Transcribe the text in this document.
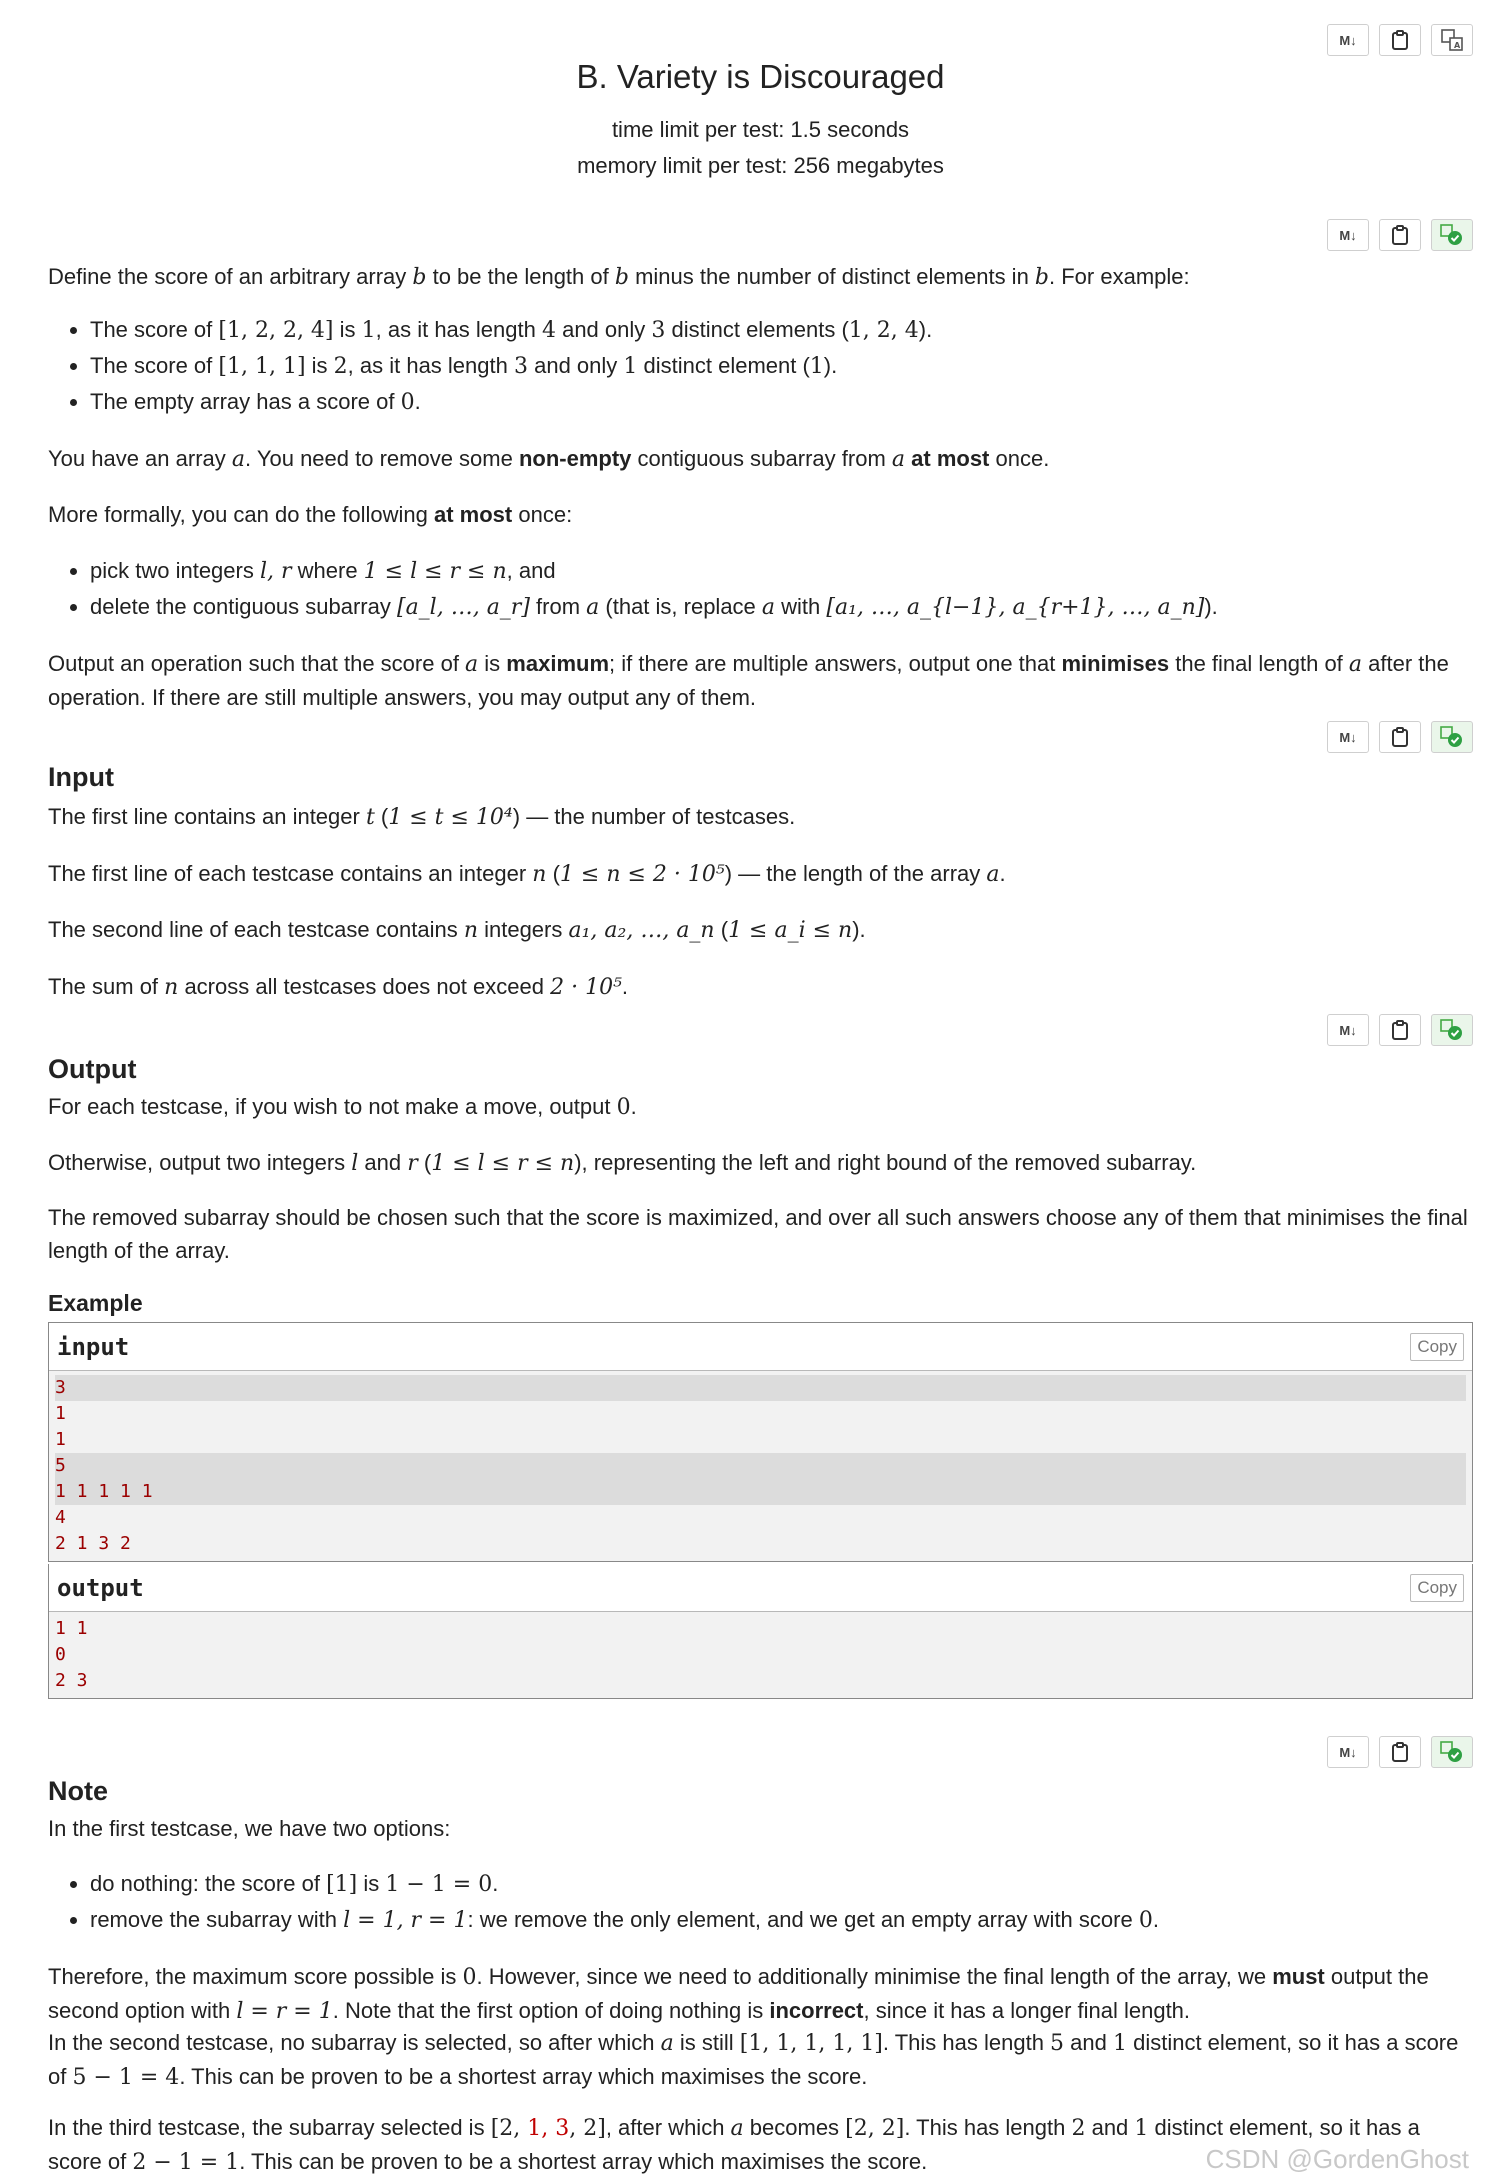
M↓	A
B. Variety is Discouraged
time limit per test: 1.5 seconds
memory limit per test: 256 megabytes
M↓
Define the score of an arbitrary array b to be the length of b minus the number of distinct elements in b. For example:
• The score of [1, 2, 2, 4] is 1, as it has length 4 and only 3 distinct elements (1, 2, 4).
• The score of [1, 1, 1] is 2, as it has length 3 and only 1 distinct element (1).
• The empty array has a score of 0.
You have an array a. You need to remove some non-empty contiguous subarray from a at most once.
More formally, you can do the following at most once:
• pick two integers l, r where 1 ≤ l ≤ r ≤ n, and
• delete the contiguous subarray [a_l, …, a_r] from a (that is, replace a with [a₁, …, a_{l−1}, a_{r+1}, …, a_n]).
Output an operation such that the score of a is maximum; if there are multiple answers, output one that minimises the final length of a after the operation. If there are still multiple answers, you may output any of them.
M↓
Input
The first line contains an integer t (1 ≤ t ≤ 10⁴) — the number of testcases.
The first line of each testcase contains an integer n (1 ≤ n ≤ 2 · 10⁵) — the length of the array a.
The second line of each testcase contains n integers a₁, a₂, …, a_n (1 ≤ a_i ≤ n).
The sum of n across all testcases does not exceed 2 · 10⁵.
M↓
Output
For each testcase, if you wish to not make a move, output 0.
Otherwise, output two integers l and r (1 ≤ l ≤ r ≤ n), representing the left and right bound of the removed subarray.
The removed subarray should be chosen such that the score is maximized, and over all such answers choose any of them that minimises the final length of the array.
Example
input	Copy
3
1
1
5
1 1 1 1 1
4
2 1 3 2
output	Copy
1 1
0
2 3
M↓
Note
In the first testcase, we have two options:
• do nothing: the score of [1] is 1 − 1 = 0.
• remove the subarray with l = 1, r = 1: we remove the only element, and we get an empty array with score 0.
Therefore, the maximum score possible is 0. However, since we need to additionally minimise the final length of the array, we must output the second option with l = r = 1. Note that the first option of doing nothing is incorrect, since it has a longer final length.
In the second testcase, no subarray is selected, so after which a is still [1, 1, 1, 1, 1]. This has length 5 and 1 distinct element, so it has a score of 5 − 1 = 4. This can be proven to be a shortest array which maximises the score.
In the third testcase, the subarray selected is [2, 1, 3, 2], after which a becomes [2, 2]. This has length 2 and 1 distinct element, so it has a score of 2 − 1 = 1. This can be proven to be a shortest array which maximises the score.	CSDN @GordenGhost
